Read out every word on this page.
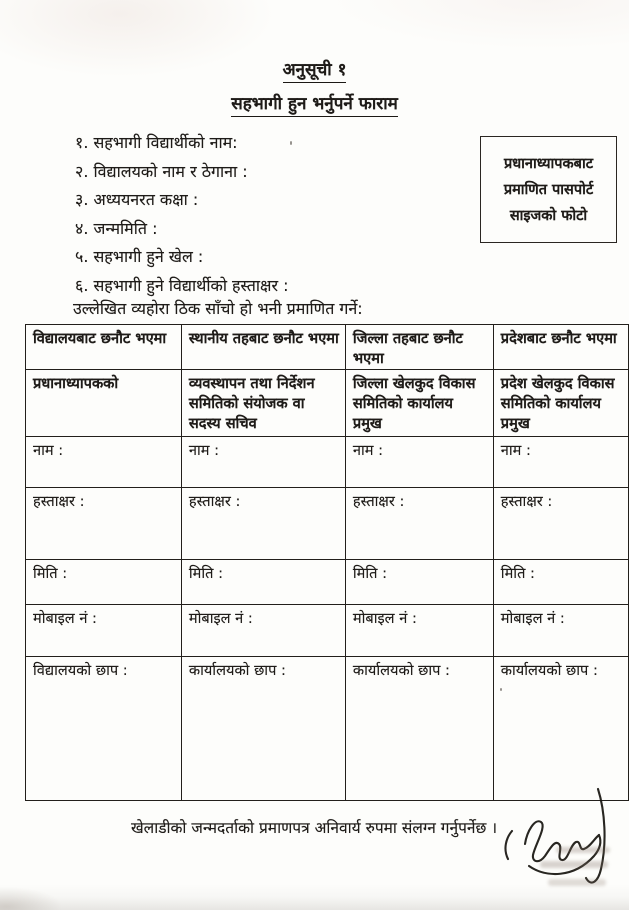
अनुसूची १
सहभागी हुन भर्नुपर्ने फाराम
१. सहभागी विद्यार्थीको नाम:
२. विद्यालयको नाम र ठेगाना :
३. अध्ययनरत कक्षा :
४. जन्ममिति :
५. सहभागी हुने खेल :
६. सहभागी हुने विद्यार्थीको हस्ताक्षर :
प्रधानाध्यापकबाट
प्रमाणित पासपोर्ट
साइजको फोटो
उल्लेखित व्यहोरा ठिक साँचो हो भनी प्रमाणित गर्ने:
विद्यालयबाट छनौट भएमा	स्थानीय तहबाट छनौट भएमा	जिल्ला तहबाट छनौट भएमा	प्रदेशबाट छनौट भएमा
प्रधानाध्यापकको	व्यवस्थापन तथा निर्देशन समितिको संयोजक वा सदस्य सचिव	जिल्ला खेलकुद विकास समितिको कार्यालय प्रमुख	प्रदेश खेलकुद विकास समितिको कार्यालय प्रमुख
नाम :	नाम :	नाम :	नाम :
हस्ताक्षर :	हस्ताक्षर :	हस्ताक्षर :	हस्ताक्षर :
मिति :	मिति :	मिति :	मिति :
मोबाइल नं :	मोबाइल नं :	मोबाइल नं :	मोबाइल नं :
विद्यालयको छाप :	कार्यालयको छाप :	कार्यालयको छाप :	कार्यालयको छाप :
खेलाडीको जन्मदर्ताको प्रमाणपत्र अनिवार्य रुपमा संलग्न गर्नुपर्नेछ ।
